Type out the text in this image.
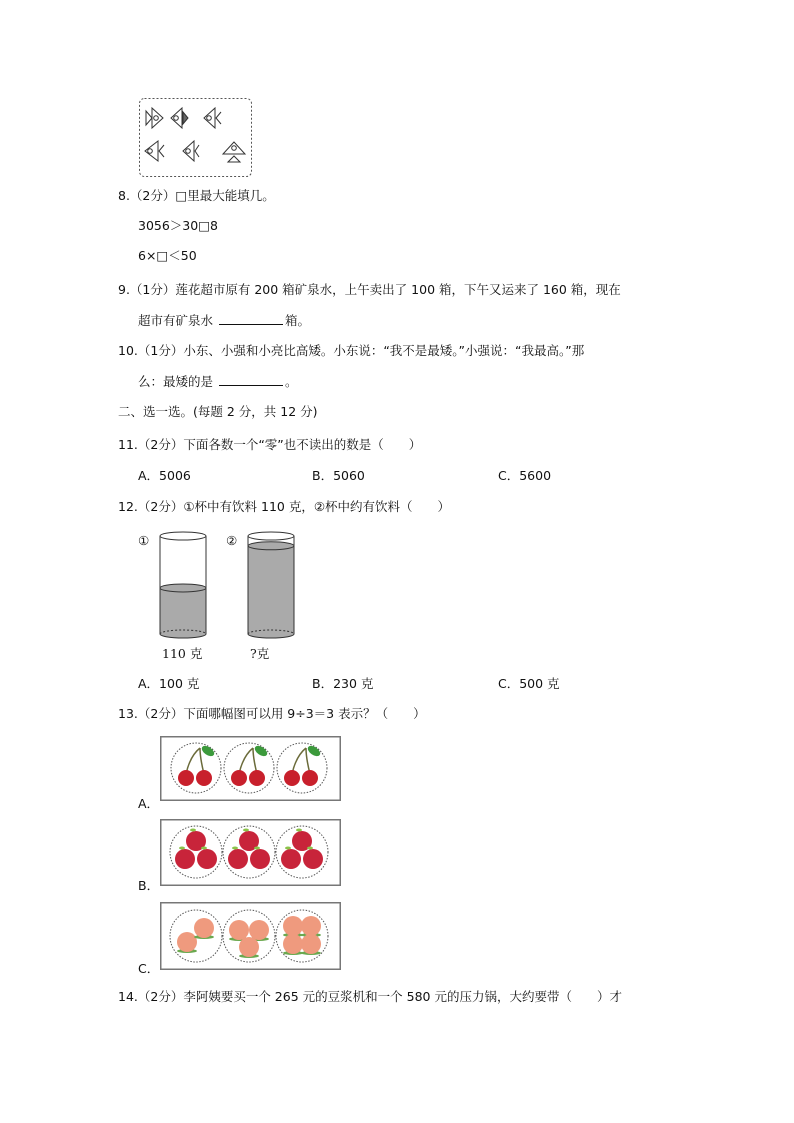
8.（2分）□里最大能填几。
3056＞30□8
6×□＜50
9.（1分）莲花超市原有 200 箱矿泉水，上午卖出了 100 箱，下午又运来了 160 箱，现在
超市有矿泉水	箱。
10.（1分）小东、小强和小亮比高矮。小东说：“我不是最矮。”小强说：“我最高。”那
么：最矮的是	。
二、选一选。(每题 2 分，共 12 分)
11.（2分）下面各数一个“零”也不读出的数是（　　）
A．5006	B．5060	C．5600
12.（2分）①杯中有饮料 110 克，②杯中约有饮料（　　）
①	②
110 克	?克
A．100 克	B．230 克	C．500 克
13.（2分）下面哪幅图可以用 9÷3＝3 表示？（　　）
A．
B．
C．
14.（2分）李阿姨要买一个 265 元的豆浆机和一个 580 元的压力锅，大约要带（　　）才
